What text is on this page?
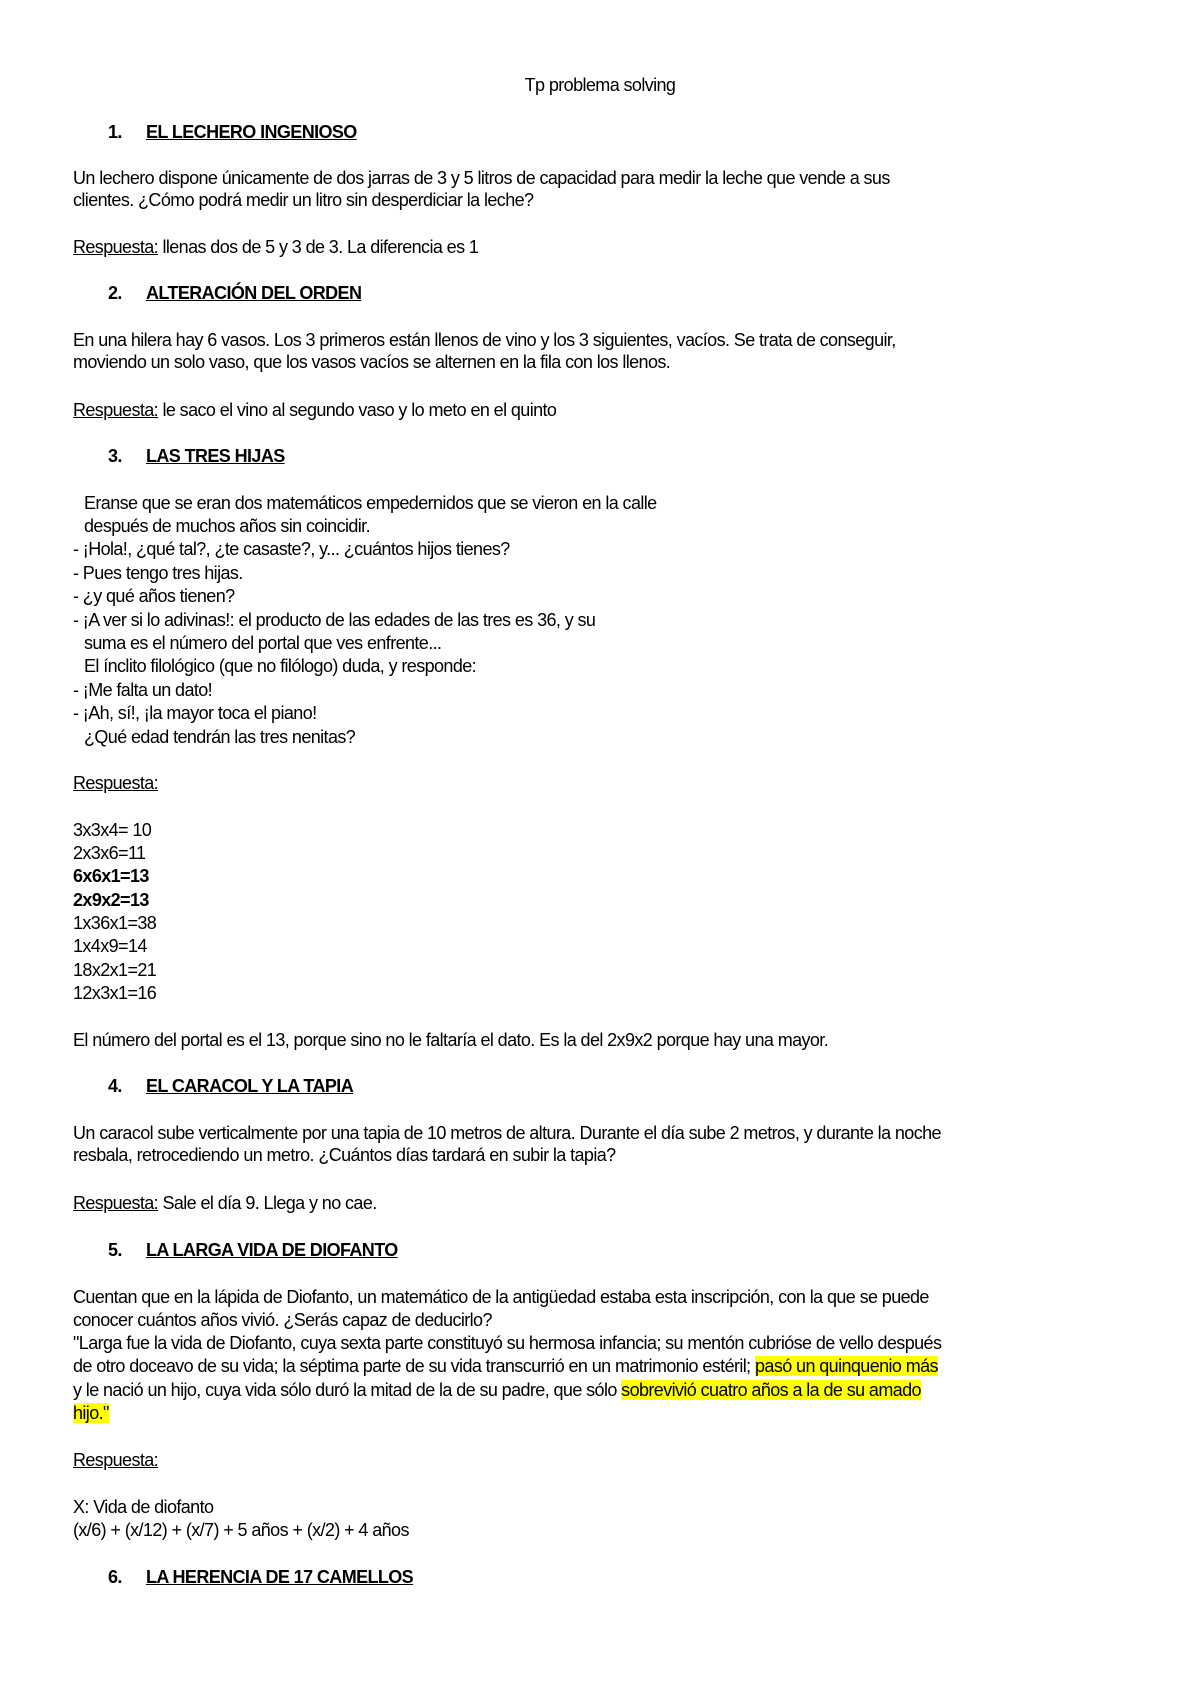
Tp problema solving
1. EL LECHERO INGENIOSO
Un lechero dispone únicamente de dos jarras de 3 y 5 litros de capacidad para medir la leche que vende a sus
clientes. ¿Cómo podrá medir un litro sin desperdiciar la leche?
Respuesta: llenas dos de 5 y 3 de 3. La diferencia es 1
2. ALTERACIÓN DEL ORDEN
En una hilera hay 6 vasos. Los 3 primeros están llenos de vino y los 3 siguientes, vacíos. Se trata de conseguir,
moviendo un solo vaso, que los vasos vacíos se alternen en la fila con los llenos.
Respuesta: le saco el vino al segundo vaso y lo meto en el quinto
3. LAS TRES HIJAS
Eranse que se eran dos matemáticos empedernidos que se vieron en la calle
después de muchos años sin coincidir.
- ¡Hola!, ¿qué tal?, ¿te casaste?, y... ¿cuántos hijos tienes?
- Pues tengo tres hijas.
- ¿y qué años tienen?
- ¡A ver si lo adivinas!: el producto de las edades de las tres es 36, y su
suma es el número del portal que ves enfrente...
El ínclito filológico (que no filólogo) duda, y responde:
- ¡Me falta un dato!
- ¡Ah, sí!, ¡la mayor toca el piano!
¿Qué edad tendrán las tres nenitas?
Respuesta:
3x3x4= 10
2x3x6=11
6x6x1=13
2x9x2=13
1x36x1=38
1x4x9=14
18x2x1=21
12x3x1=16
El número del portal es el 13, porque sino no le faltaría el dato. Es la del 2x9x2 porque hay una mayor.
4. EL CARACOL Y LA TAPIA
Un caracol sube verticalmente por una tapia de 10 metros de altura. Durante el día sube 2 metros, y durante la noche
resbala, retrocediendo un metro. ¿Cuántos días tardará en subir la tapia?
Respuesta: Sale el día 9. Llega y no cae.
5. LA LARGA VIDA DE DIOFANTO
Cuentan que en la lápida de Diofanto, un matemático de la antigüedad estaba esta inscripción, con la que se puede
conocer cuántos años vivió. ¿Serás capaz de deducirlo?
"Larga fue la vida de Diofanto, cuya sexta parte constituyó su hermosa infancia; su mentón cubrióse de vello después
de otro doceavo de su vida; la séptima parte de su vida transcurrió en un matrimonio estéril; pasó un quinquenio más
y le nació un hijo, cuya vida sólo duró la mitad de la de su padre, que sólo sobrevivió cuatro años a la de su amado
hijo."
Respuesta:
X: Vida de diofanto
(x/6) + (x/12) + (x/7) + 5 años + (x/2) + 4 años
6. LA HERENCIA DE 17 CAMELLOS
